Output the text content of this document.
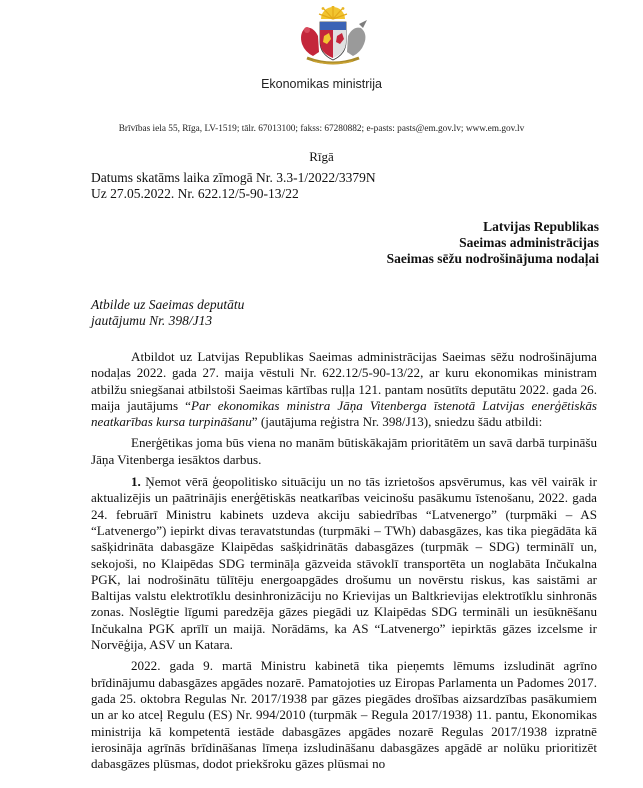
Ekonomikas ministrija
Brīvības iela 55, Rīga, LV-1519; tālr. 67013100; fakss: 67280882; e-pasts: pasts@em.gov.lv; www.em.gov.lv
Rīgā
Datums skatāms laika zīmogā Nr. 3.3-1/2022/3379N
Uz 27.05.2022. Nr. 622.12/5-90-13/22
Latvijas Republikas
Saeimas administrācijas
Saeimas sēžu nodrošinājuma nodaļai
Atbilde uz Saeimas deputātu
jautājumu Nr. 398/J13

Atbildot uz Latvijas Republikas Saeimas administrācijas Saeimas sēžu nodrošinājuma nodaļas 2022. gada 27. maija vēstuli Nr. 622.12/5-90-13/22, ar kuru ekonomikas ministram atbilžu sniegšanai atbilstoši Saeimas kārtības ruļļa 121. pantam nosūtīts deputātu 2022. gada 26. maija jautājums “Par ekonomikas ministra Jāņa Vitenberga īstenotā Latvijas enerģētiskās neatkarības kursa turpināšanu” (jautājuma reģistra Nr. 398/J13), sniedzu šādu atbildi:

Enerģētikas joma būs viena no manām būtiskākajām prioritātēm un savā darbā turpināšu Jāņa Vitenberga iesāktos darbus.

1. Ņemot vērā ģeopolitisko situāciju un no tās izrietošos apsvērumus, kas vēl vairāk ir aktualizējis un paātrinājis enerģētiskās neatkarības veicinošu pasākumu īstenošanu, 2022. gada 24. februārī Ministru kabinets uzdeva akciju sabiedrības “Latvenergo” (turpmāki – AS “Latvenergo”) iepirkt divas teravatstundas (turpmāki – TWh) dabasgāzes, kas tika piegādāta kā sašķidrināta dabasgāze Klaipēdas sašķidrinātās dabasgāzes (turpmāk – SDG) terminālī un, sekojoši, no Klaipēdas SDG termināļa gāzveida stāvoklī transportēta un noglabāta Inčukalna PGK, lai nodrošinātu tūlītēju energoapgādes drošumu un novērstu riskus, kas saistāmi ar Baltijas valstu elektrotīklu desinhronizāciju no Krievijas un Baltkrievijas elektrotīklu sinhronās zonas. Noslēgtie līgumi paredzēja gāzes piegādi uz Klaipēdas SDG termināli un iesūknēšanu Inčukalna PGK aprīlī un maijā. Norādāms, ka AS “Latvenergo” iepirktās gāzes izcelsme ir Norvēģija, ASV un Katara.

2022. gada 9. martā Ministru kabinetā tika pieņemts lēmums izsludināt agrīno brīdinājumu dabasgāzes apgādes nozarē. Pamatojoties uz Eiropas Parlamenta un Padomes 2017. gada 25. oktobra Regulas Nr. 2017/1938 par gāzes piegādes drošības aizsardzības pasākumiem un ar ko atceļ Regulu (ES) Nr. 994/2010 (turpmāk – Regula 2017/1938) 11. pantu, Ekonomikas ministrija kā kompetentā iestāde dabasgāzes apgādes nozarē Regulas 2017/1938 izpratnē ierosināja agrīnās brīdināšanas līmeņa izsludināšanu dabasgāzes apgādē ar nolūku prioritizēt dabasgāzes plūsmas, dodot priekšroku gāzes plūsmai no
